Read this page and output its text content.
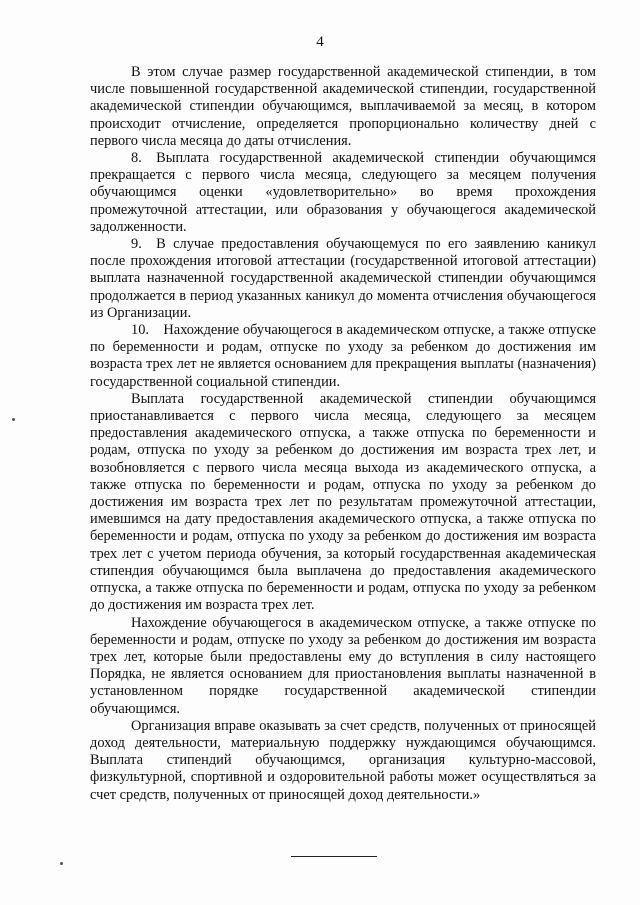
4

В этом случае размер государственной академической стипендии, в том числе повышенной государственной академической стипендии, государственной академической стипендии обучающимся, выплачиваемой за месяц, в котором происходит отчисление, определяется пропорционально количеству дней с первого числа месяца до даты отчисления.

8. Выплата государственной академической стипендии обучающимся прекращается с первого числа месяца, следующего за месяцем получения обучающимся оценки «удовлетворительно» во время прохождения промежуточной аттестации, или образования у обучающегося академической задолженности.

9. В случае предоставления обучающемуся по его заявлению каникул после прохождения итоговой аттестации (государственной итоговой аттестации) выплата назначенной государственной академической стипендии обучающимся продолжается в период указанных каникул до момента отчисления обучающегося из Организации.

10. Нахождение обучающегося в академическом отпуске, а также отпуске по беременности и родам, отпуске по уходу за ребенком до достижения им возраста трех лет не является основанием для прекращения выплаты (назначения) государственной социальной стипендии.

Выплата государственной академической стипендии обучающимся приостанавливается с первого числа месяца, следующего за месяцем предоставления академического отпуска, а также отпуска по беременности и родам, отпуска по уходу за ребенком до достижения им возраста трех лет, и возобновляется с первого числа месяца выхода из академического отпуска, а также отпуска по беременности и родам, отпуска по уходу за ребенком до достижения им возраста трех лет по результатам промежуточной аттестации, имевшимся на дату предоставления академического отпуска, а также отпуска по беременности и родам, отпуска по уходу за ребенком до достижения им возраста трех лет с учетом периода обучения, за который государственная академическая стипендия обучающимся была выплачена до предоставления академического отпуска, а также отпуска по беременности и родам, отпуска по уходу за ребенком до достижения им возраста трех лет.

Нахождение обучающегося в академическом отпуске, а также отпуске по беременности и родам, отпуске по уходу за ребенком до достижения им возраста трех лет, которые были предоставлены ему до вступления в силу настоящего Порядка, не является основанием для приостановления выплаты назначенной в установленном порядке государственной академической стипендии обучающимся.

Организация вправе оказывать за счет средств, полученных от приносящей доход деятельности, материальную поддержку нуждающимся обучающимся. Выплата стипендий обучающимся, организация культурно-массовой, физкультурной, спортивной и оздоровительной работы может осуществляться за счет средств, полученных от приносящей доход деятельности.»
